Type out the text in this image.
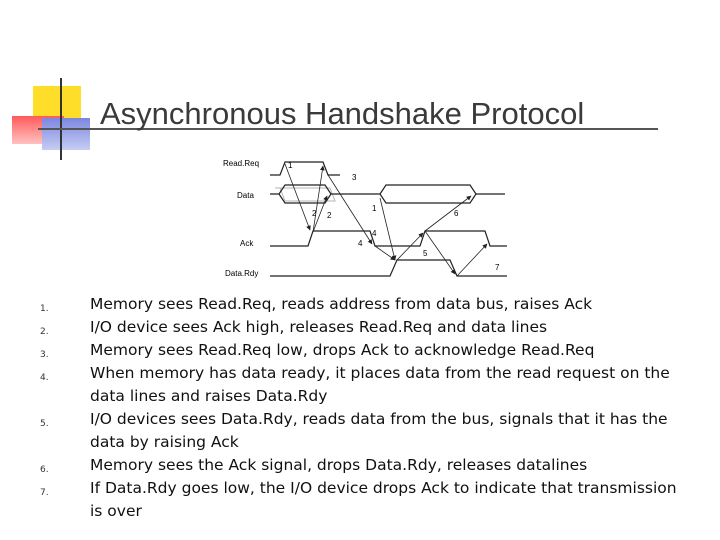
Asynchronous Handshake Protocol
Read.Req
Data
Ack
Data.Rdy
1
2 2
3
1
4
4
5
6
7
1.	Memory sees Read.Req, reads address from data bus, raises Ack
2.	I/O device sees Ack high, releases Read.Req and data lines
3.	Memory sees Read.Req low, drops Ack to acknowledge Read.Req
4.	When memory has data ready, it places data from the read request on the data lines and raises Data.Rdy
5.	I/O devices sees Data.Rdy, reads data from the bus, signals that it has the data by raising Ack
6.	Memory sees the Ack signal, drops Data.Rdy, releases datalines
7.	If Data.Rdy goes low, the I/O device drops Ack to indicate that transmission is over
